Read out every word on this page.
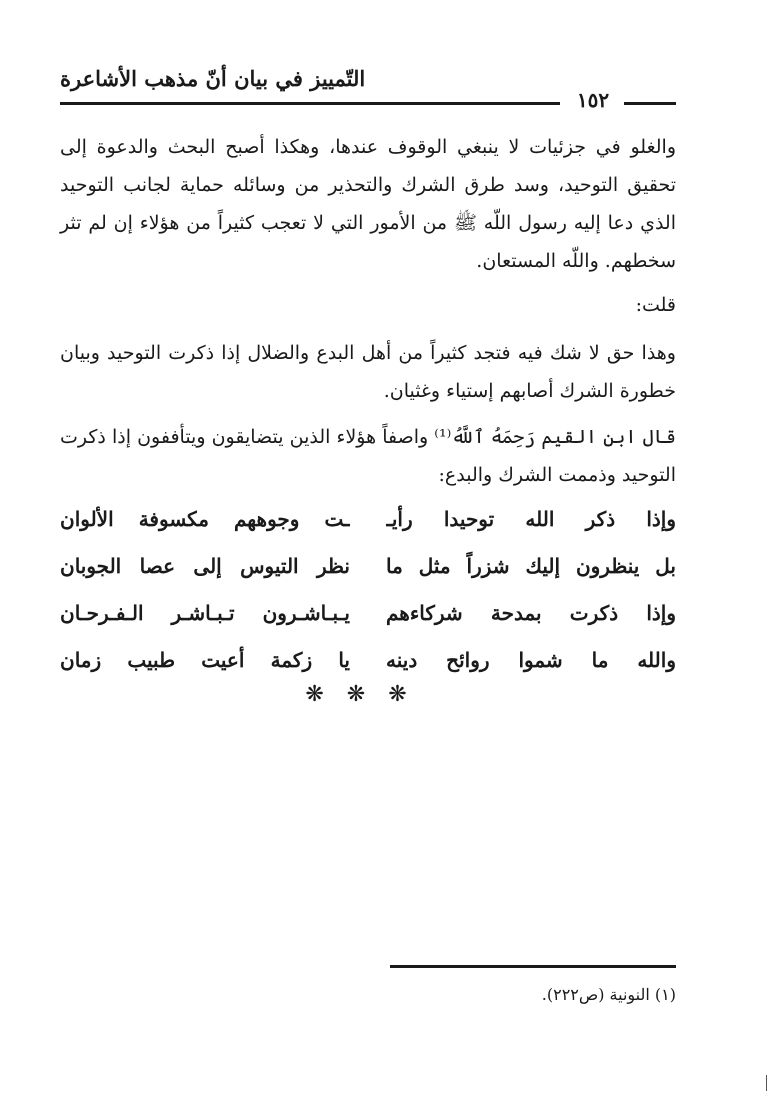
التّمييز في بيان أنّ مذهب الأشاعرة
١٥٢
والغلو في جزئيات لا ينبغي الوقوف عندها، وهكذا أصبح البحث والدعوة إلى تحقيق التوحيد، وسد طرق الشرك والتحذير من وسائله حماية لجانب التوحيد الذي دعا إليه رسول اللّه ﷺ من الأمور التي لا تعجب كثيراً من هؤلاء إن لم تثر سخطهم. واللّه المستعان.
قلت:
وهذا حق لا شك فيه فتجد كثيراً من أهل البدع والضلال إذا ذكرت التوحيد وبيان خطورة الشرك أصابهم إستياء وغثيان.
قال ابن القيم رَحِمَهُ ٱللَّهُ⁽¹⁾ واصفاً هؤلاء الذين يتضايقون ويتأففون إذا ذكرت التوحيد وذممت الشرك والبدع:
وإذا ذكر الله توحيدا رأيـ
ـت وجوههم مكسوفة الألوان
بل ينظرون إليك شزراً مثل ما
نظر التيوس إلى عصا الجوبان
وإذا ذكرت بمدحة شركاءهم
يـبـاشـرون تـبـاشـر الـفـرحـان
والله ما شموا روائح دينه
يا زكمة أعيت طبيب زمان
❋ ❋ ❋
(١) النونية (ص٢٢٢).
